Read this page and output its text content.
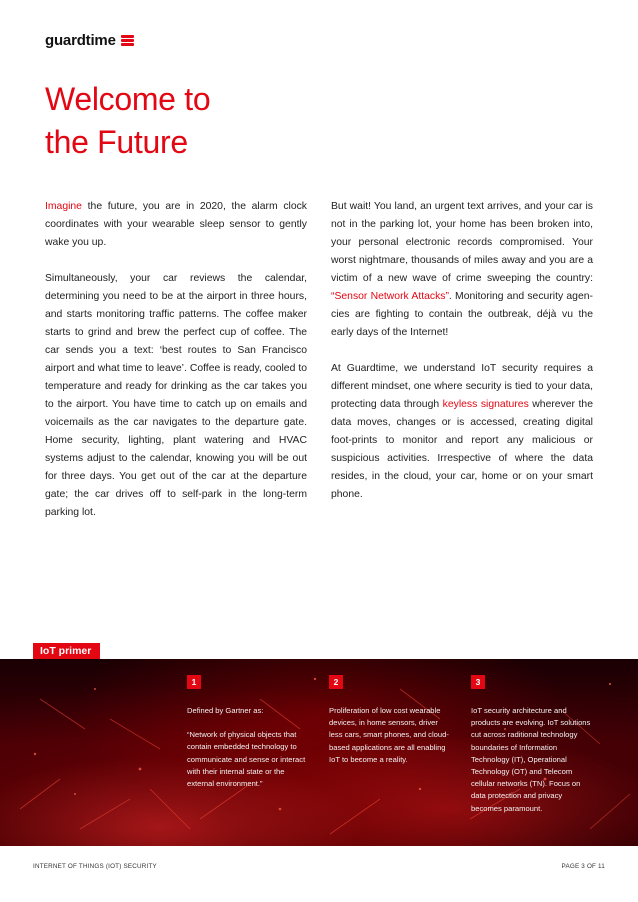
guardtime
Welcome to
the Future

Imagine the future, you are in 2020, the alarm clock coordinates with your wearable sleep sensor to gently wake you up.

Simultaneously, your car reviews the calendar, determining you need to be at the airport in three hours, and starts monitoring traffic patterns. The coffee maker starts to grind and brew the perfect cup of coffee. The car sends you a text: ‘best routes to San Francisco airport and what time to leave’. Coffee is ready, cooled to temperature and ready for drinking as the car takes you to the airport. You have time to catch up on emails and voicemails as the car navigates to the departure gate. Home security, lighting, plant watering and HVAC systems adjust to the calendar, knowing you will be out for three days. You get out of the car at the departure gate; the car drives off to self-park in the long-term parking lot.

But wait! You land, an urgent text arrives, and your car is not in the parking lot, your home has been broken into, your personal electronic records compromised. Your worst nightmare, thousands of miles away and you are a victim of a new wave of crime sweeping the country: “Sensor Network Attacks”. Monitoring and security agen-cies are fighting to contain the outbreak, déjà vu the early days of the Internet!

At Guardtime, we understand IoT security requires a different mindset, one where security is tied to your data, protecting data through keyless signatures wherever the data moves, changes or is accessed, creating digital foot-prints to monitor and report any malicious or suspicious activities. Irrespective of where the data resides, in the cloud, your car, home or on your smart phone.

IoT primer
1

Defined by Gartner as:

“Network of physical objects that contain embedded technology to communicate and sense or interact with their internal state or the external environment.”

2

Proliferation of low cost wearable devices, in home sensors, driver less cars, smart phones, and cloud-based applications are all enabling IoT to become a reality.

3

IoT security architecture and products are evolving. IoT solutions cut across raditional technology boundaries of Information Technology (IT), Operational Technology (OT) and Telecom cellular networks (TN). Focus on data protection and privacy becomes paramount.

INTERNET OF THINGS (IOT) SECURITY	PAGE 3 OF 11
